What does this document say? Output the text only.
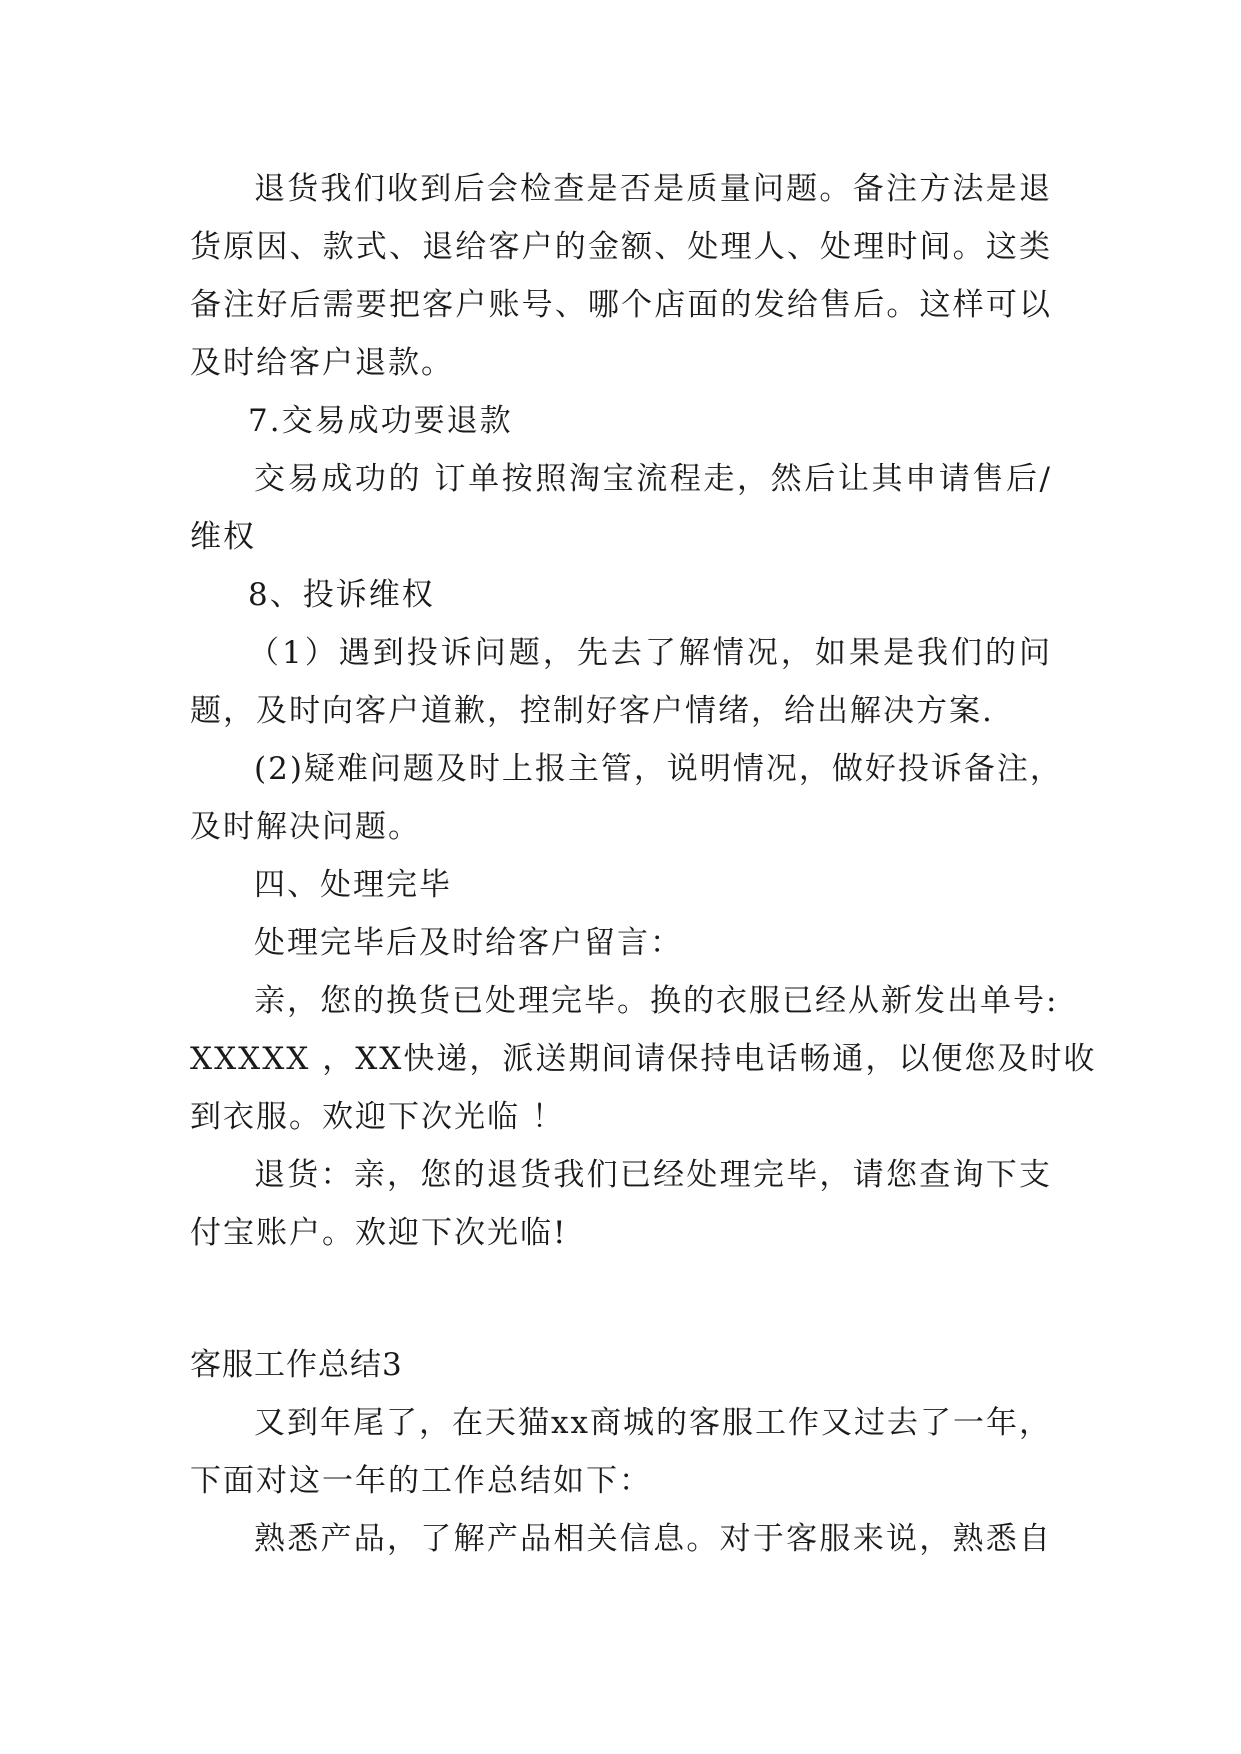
退货我们收到后会检查是否是质量问题。备注方法是退
货原因、款式、退给客户的金额、处理人、处理时间。这类
备注好后需要把客户账号、哪个店面的发给售后。这样可以
及时给客户退款。
7.交易成功要退款
交易成功的 订单按照淘宝流程走，然后让其申请售后/
维权
8、投诉维权
（1）遇到投诉问题，先去了解情况，如果是我们的问
题，及时向客户道歉，控制好客户情绪，给出解决方案.
(2)疑难问题及时上报主管，说明情况，做好投诉备注，
及时解决问题。
四、处理完毕
处理完毕后及时给客户留言：
亲，您的换货已处理完毕。换的衣服已经从新发出单号:
XXXXX ，XX快递，派送期间请保持电话畅通，以便您及时收
到衣服。欢迎下次光临 ！
退货：亲，您的退货我们已经处理完毕，请您查询下支
付宝账户。欢迎下次光临!
客服工作总结3
又到年尾了，在天猫xx商城的客服工作又过去了一年，
下面对这一年的工作总结如下：
熟悉产品，了解产品相关信息。对于客服来说，熟悉自
